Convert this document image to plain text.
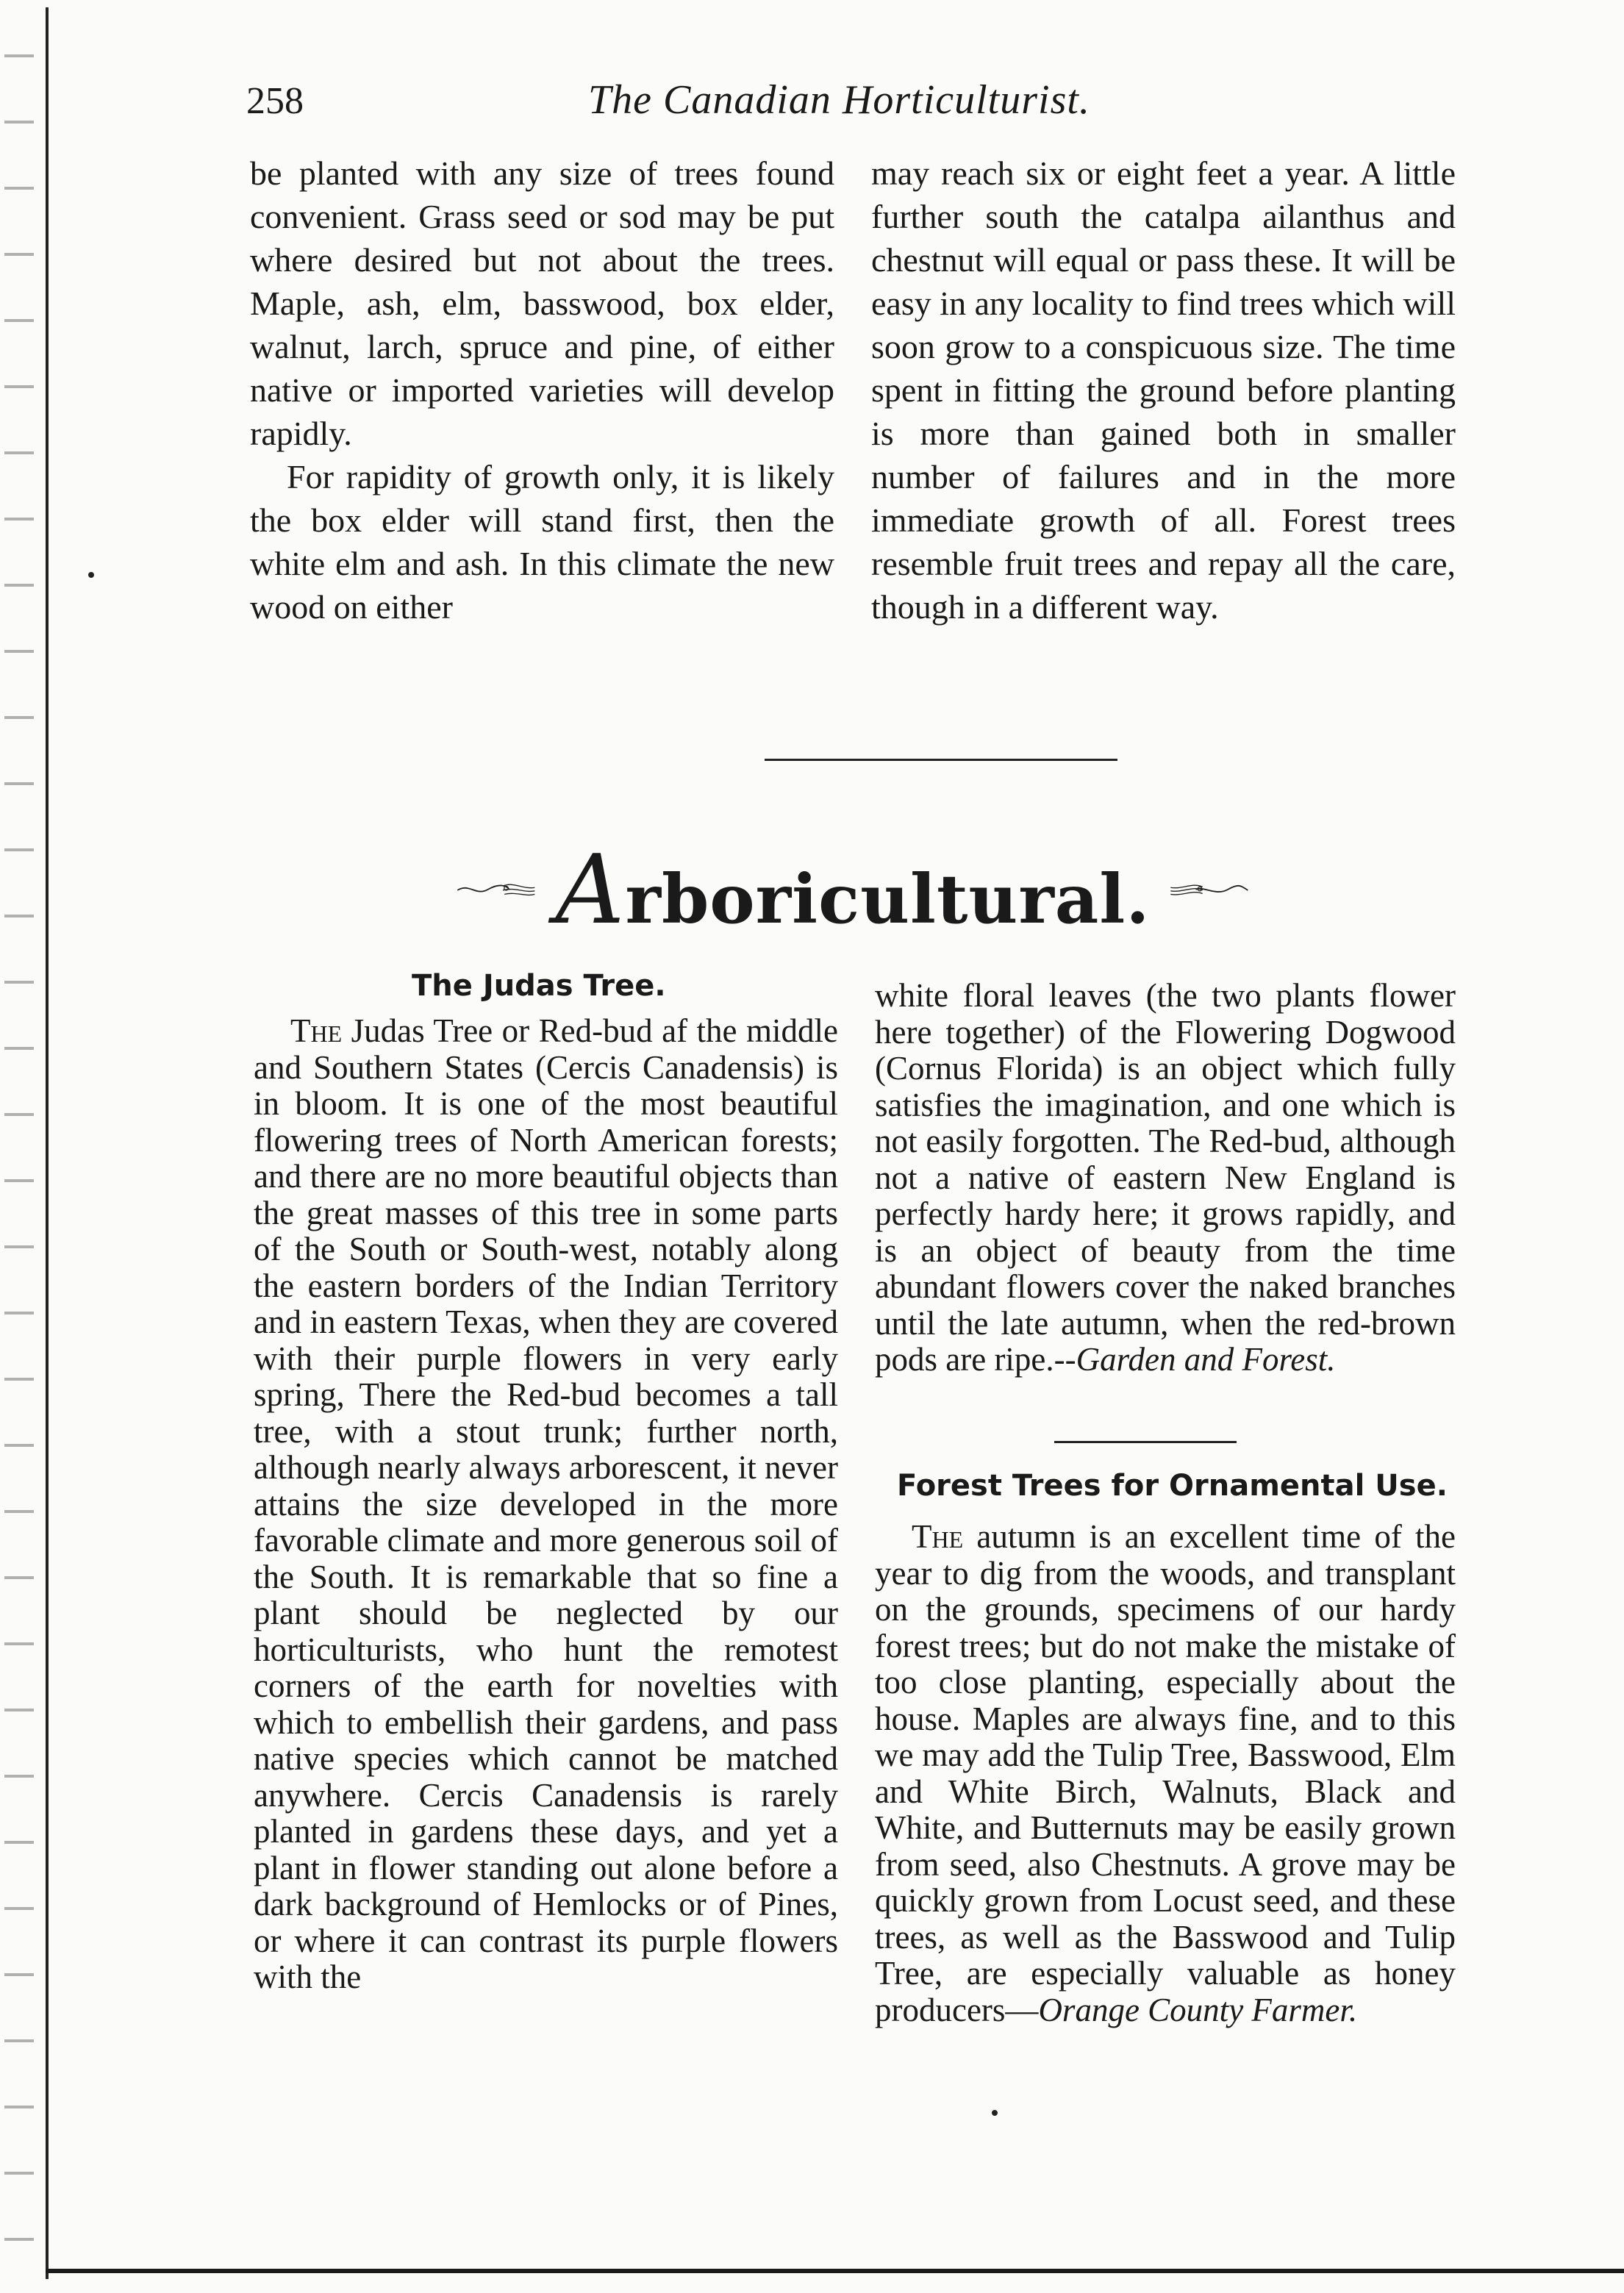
258	The Canadian Horticulturist.

be planted with any size of trees found convenient. Grass seed or sod may be put where desired but not about the trees. Maple, ash, elm, basswood, box elder, walnut, larch, spruce and pine, of either native or imported varieties will develop rapidly.

For rapidity of growth only, it is likely the box elder will stand first, then the white elm and ash. In this climate the new wood on either

may reach six or eight feet a year. A little further south the catalpa ailanthus and chestnut will equal or pass these. It will be easy in any locality to find trees which will soon grow to a conspicuous size. The time spent in fitting the ground before planting is more than gained both in smaller number of failures and in the more immediate growth of all. Forest trees resemble fruit trees and repay all the care, though in a different way.

Arboricultural.
The Judas Tree.

The Judas Tree or Red-bud af the middle and Southern States (Cercis Canadensis) is in bloom. It is one of the most beautiful flowering trees of North American forests; and there are no more beautiful objects than the great masses of this tree in some parts of the South or South-west, notably along the eastern borders of the Indian Territory and in eastern Texas, when they are covered with their purple flowers in very early spring, There the Red-bud becomes a tall tree, with a stout trunk; further north, although nearly always arborescent, it never attains the size developed in the more favorable climate and more generous soil of the South. It is remarkable that so fine a plant should be neglected by our horticulturists, who hunt the remotest corners of the earth for novelties with which to embellish their gardens, and pass native species which cannot be matched anywhere. Cercis Canadensis is rarely planted in gardens these days, and yet a plant in flower standing out alone before a dark background of Hemlocks or of Pines, or where it can contrast its purple flowers with the

white floral leaves (the two plants flower here together) of the Flowering Dogwood (Cornus Florida) is an object which fully satisfies the imagination, and one which is not easily forgotten. The Red-bud, although not a native of eastern New England is perfectly hardy here; it grows rapidly, and is an object of beauty from the time abundant flowers cover the naked branches until the late autumn, when the red-brown pods are ripe.--Garden and Forest.

Forest Trees for Ornamental Use.

The autumn is an excellent time of the year to dig from the woods, and transplant on the grounds, specimens of our hardy forest trees; but do not make the mistake of too close planting, especially about the house. Maples are always fine, and to this we may add the Tulip Tree, Basswood, Elm and White Birch, Walnuts, Black and White, and Butternuts may be easily grown from seed, also Chestnuts. A grove may be quickly grown from Locust seed, and these trees, as well as the Basswood and Tulip Tree, are especially valuable as honey producers—Orange County Farmer.
